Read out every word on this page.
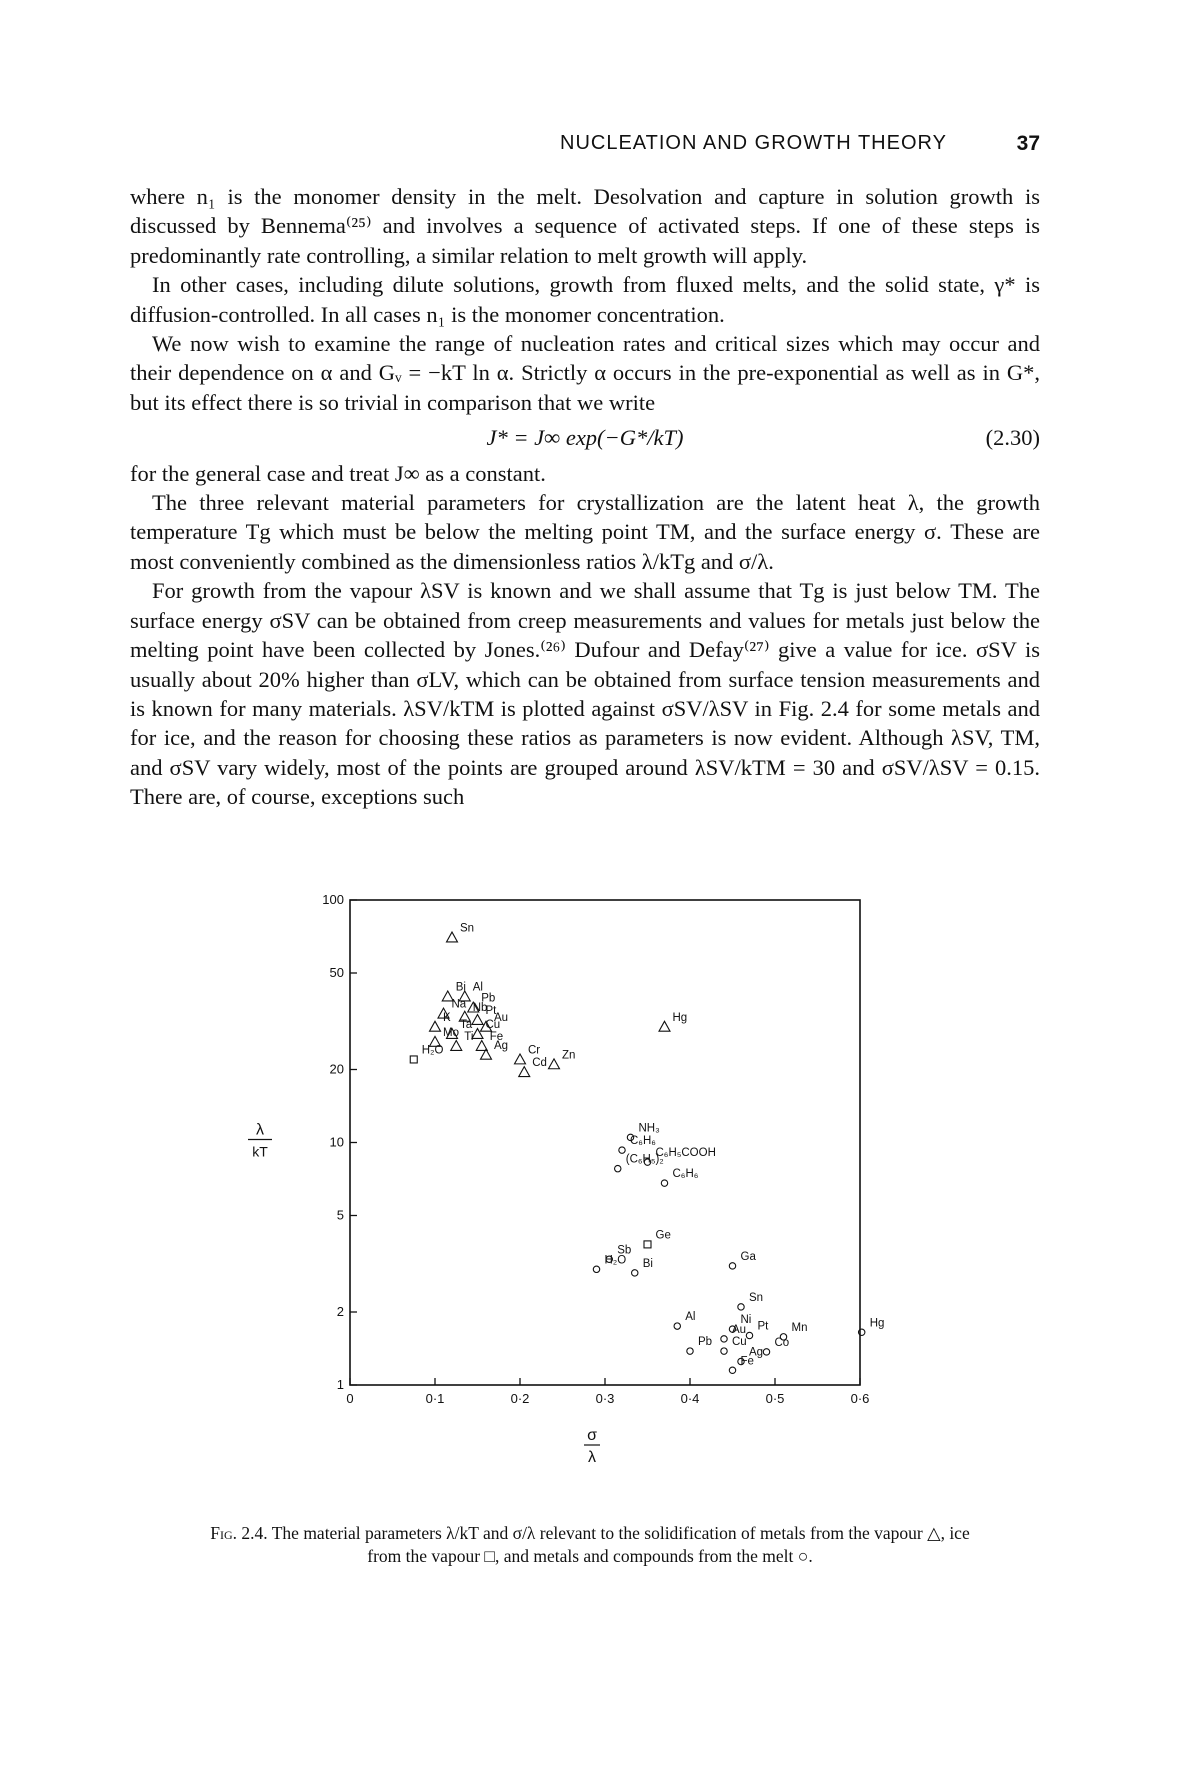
NUCLEATION AND GROWTH THEORY	37

where n₁ is the monomer density in the melt. Desolvation and capture in solution growth is discussed by Bennema⁽²⁵⁾ and involves a sequence of activated steps. If one of these steps is predominantly rate controlling, a similar relation to melt growth will apply.

In other cases, including dilute solutions, growth from fluxed melts, and the solid state, γ* is diffusion-controlled. In all cases n₁ is the monomer concentration.

We now wish to examine the range of nucleation rates and critical sizes which may occur and their dependence on α and Gᵥ = −kT ln α. Strictly α occurs in the pre-exponential as well as in G*, but its effect there is so trivial in comparison that we write

J* = J∞ exp(−G*/kT)	(2.30)

for the general case and treat J∞ as a constant.

The three relevant material parameters for crystallization are the latent heat λ, the growth temperature Tg which must be below the melting point TM, and the surface energy σ. These are most conveniently combined as the dimensionless ratios λ/kTg and σ/λ.

For growth from the vapour λSV is known and we shall assume that Tg is just below TM. The surface energy σSV can be obtained from creep measurements and values for metals just below the melting point have been collected by Jones.⁽²⁶⁾ Dufour and Defay⁽²⁷⁾ give a value for ice. σSV is usually about 20% higher than σLV, which can be obtained from surface tension measurements and is known for many materials. λSV/kTM is plotted against σSV/λSV in Fig. 2.4 for some metals and for ice, and the reason for choosing these ratios as parameters is now evident. Although λSV, TM, and σSV vary widely, most of the points are grouped around λSV/kTM = 30 and σSV/λSV = 0.15. There are, of course, exceptions such

0	0·1	0·2	0·3	0·4	0·5	0·6
1
2
5
10
20
50
100
σ
λ
λ
kT
Sn
Bi Al
Pb
Na Nb
Pt
Au
K
Ta Cu
Mo Ti Fe
Ag Cr
Cd
Zn
Hg
H₂O
Ge
NH₃
C₆H₆
C₆H₅COOH
(C₆H₅)₂
C₆H₆
Sb
H₂O Bi
Ga
Sn
Al	Ni
Au Pt Mn
Pb Cu Co
Ag
Fe
Hg
Fig. 2.4. The material parameters λ/kT and σ/λ relevant to the solidification of metals from the vapour △, ice from the vapour □, and metals and compounds from the melt ○.
